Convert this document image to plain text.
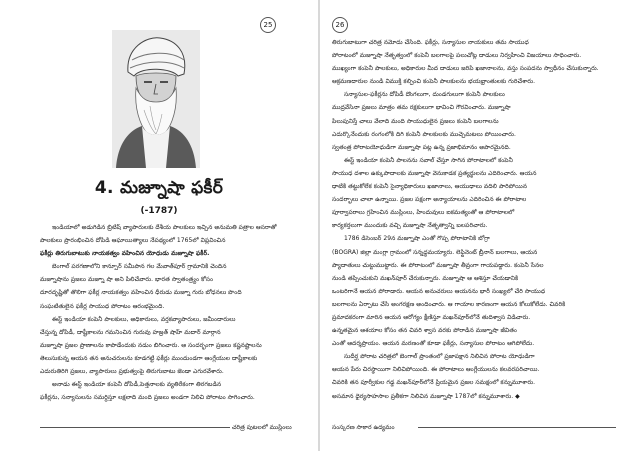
25
4. మజ్నూషా ఫకీర్
(-1787)
ఇండియాలో అడుగిడిన బ్రిటిష్ వ్యాపారులకు దేశీయ పాలకులు ఇచ్చిన అనుమతి పత్రాల ఆసరాతో
పాలకులు ప్రారంభించిన దోపిడి ఆఘాయిత్యాలు నేపథ్యంలో 1765లో విప్లవించిన
ఫకీర్లు తిరుగుబాటుకు నాయకత్వం వహించిన యోధుడు మజ్నూషా ఫకీర్.
బెంగాల్ పరగణాలోని కాన్పూర్ సమీపాన గల మేవాత్‌పూర్ గ్రామానికి చెందిన
మజ్నూషాను ప్రజలు మజ్నూ షా అని పిలిచేవారు. భారత స్వాతంత్ర్యం కోసం
దూరదృష్టితో తొలిగా ఫకీర్ల నాయకత్వం వహించిన ధీరుడు మజ్నూ గురు బోధనలు పొంది
సంఘటితులైన ఫకీర్ల సాయుధ పోరాటం ఆరంభమైంది.
ఈస్ట్ ఇండియా కంపెనీ పాలకులు, అధికారులు, వర్తకవ్యాపారులు, జమీందారులు
చేస్తున్న దోపిడీ, దాష్టీకాలను గమనించిన గురువు హజ్రత్ షాహ్ మదార్ మార్గాన
మజ్నూషా ప్రజల ప్రాణాలను కాపాడేందుకు నడుం బిగించారు. ఆ సందర్భంగా ప్రజలు కష్టనష్టాలను
తెలుసుకున్న ఆయన తన అనుచరులను కూడగట్టి ఫకీర్లు ముందుండగా ఆంగ్లేయుల దాష్టీకాలకు
ఎదురుతిరిగి ప్రజలు, వ్యాపారులు ప్రభుత్వంపై తిరుగుబాటు జెండా ఎగురవేశారు.
అనాడు ఈస్ట్ ఇండియా కంపెనీ దోపిడీ,పెత్తనాలకు వ్యతిరేకంగా తిరగబడిన
ఫకీర్లను, సన్యాసులను సమర్ధిస్తూ లక్షలాది మంది ప్రజలు అండగా నిలిచి పోరాటం సాగించారు.
చరిత్ర పుటలలో ముస్లింలు
26
తిరుగుబాటుగా చరిత్ర నమోదు చేసింది. ఫకీర్లు, సన్యాసుల నాయకులు తమ సాయుధ
పోరాటంలో మజ్నూషా నేతృత్వంలో కంపెనీ బలగాలపై పలుచోట్ల దాడులు నిర్వహించి విజయాలు సాధించారు.
ముఖ్యంగా కంపెనీ పాలకులు, అధికారుల మీద దాడులు జరిపి ఖజానాలను, వస్తు సంపదను స్వాధీనం చేసుకున్నారు.
ఆక్రమణదారుల నుండి విముక్తి కల్పించి కంపెనీ పాలకులను భయభ్రాంతులకు గురిచేశారు.
సన్యాసుల-ఫకీర్లను దోపిడీ దొంగలుగా, దుండగులుగా కంపెనీ పాలకులు
ముద్రవేసినా ప్రజలు మాత్రం తమ రక్షకులుగా భావించి గౌరవించారు. మజ్నూషా
పిలుపునిస్తే చాలు వేలాది మంది సాయుధులైన ప్రజలు కంపెనీ బలగాలను
ఎదుర్కొనేందుకు రంగంలోకి దిగి కంపెనీ పాలకులకు ముచ్చెమటలు పోయించారు.
స్వతంత్ర పోరాటయోధుడిగా మజ్నూషా పట్ల ఉన్న ప్రజాభిమానం అపారమైనది.
ఈస్ట్ ఇండియా కంపెనీ పాలనను సవాల్ చేస్తూ సాగిన పోరాటాలలో కంపెనీ
సాయుధ దళాల ఉక్కుపాదాలకు మజ్నూషా వెనుకాడక ప్రత్యర్థులను ఎదిరించారు. ఆయన
ధాటికి తట్టుకోలేక కంపెనీ సైన్యాధికారులు ఖజానాలు, ఆయుధాలు వదిలి పారిపోయిన
సందర్భాలు చాలా ఉన్నాయి. ప్రజల పక్షంగా అన్యాయాలను ఎదిరించిన ఈ పోరాటాల
పూర్వాపరాలు గ్రహించిన ముస్లింలు, హిందువులు ఐకమత్యంతో ఆ పోరాటాలలో
కార్యకర్తలుగా ముందుకు వచ్చి మజ్నూషా నేతృత్వాన్ని బలపరిచారు.
1786 డిసెంబర్ 29న మజ్నూషా ఎంతో గొప్ప పోరాటానికి బోగ్రా
(BOGRA) జిల్లా మంగ్లా గ్రామంలో సన్నద్ధమయ్యారు. లెఫ్టినెంట్ బ్రీనాన్ బలగాలు, ఆయన
ప్యాదాతులు చుట్టుముట్టారు. ఈ పోరాటంలో మజ్నూషా తీవ్రంగా గాయపడ్డారు. కంపెనీ సేనల
నుండి తప్పించుకుని మఖన్‌పూర్ చేరుకున్నారు. మజ్నూషా ఆ ఆశిస్తూ చేయడానికి
ఒంటరిగానే ఆయన పోరాడారు. ఆయన అనుచరులు ఆయనను భారీ సంఖ్యలో చేరి సాయుధ
బలగాలను ఏర్పాటు చేసి అంగరక్షణ అందించారు. ఆ గాయాల కారణంగా ఆయన కోలుకోలేదు. చివరికి
ప్రమాదకరంగా మారిన ఆయన ఆరోగ్యం క్షీణిస్తూ మఖన్‌పూర్‌లోనే తుదిశ్వాస విడిచారు.
ఉన్నతమైన ఆశయాల కోసం తన చివరి శ్వాస వరకు పోరాడిన మజ్నూషా జీవితం
ఎంతో ఆదర్శప్రాయం. ఆయన మరణంతో కూడా ఫకీర్లు, సన్యాసుల పోరాటం ఆగిపోలేదు.
సుదీర్ఘ పోరాట చరిత్రలో బెంగాల్ ప్రాంతంలో ప్రజాపక్షాన నిలిచిన పోరాట యోధుడిగా
ఆయన పేరు చిరస్థాయిగా నిలిచిపోయింది. ఈ పోరాటాలు ఆంగ్లేయులను కలవరపరిచాయి.
చివరికి తన పూర్వీకుల గడ్డ మఖన్‌పూర్‌లోనే ప్రియమైన ప్రజల సమక్షంలో కన్నుమూశారు.
అసమాన ధైర్యసాహసాల ప్రతీకగా నిలిచిన మజ్నూషా 1787లో కన్నుమూశారు. ◆
సంస్కరణ సాకార ఉద్యమం
